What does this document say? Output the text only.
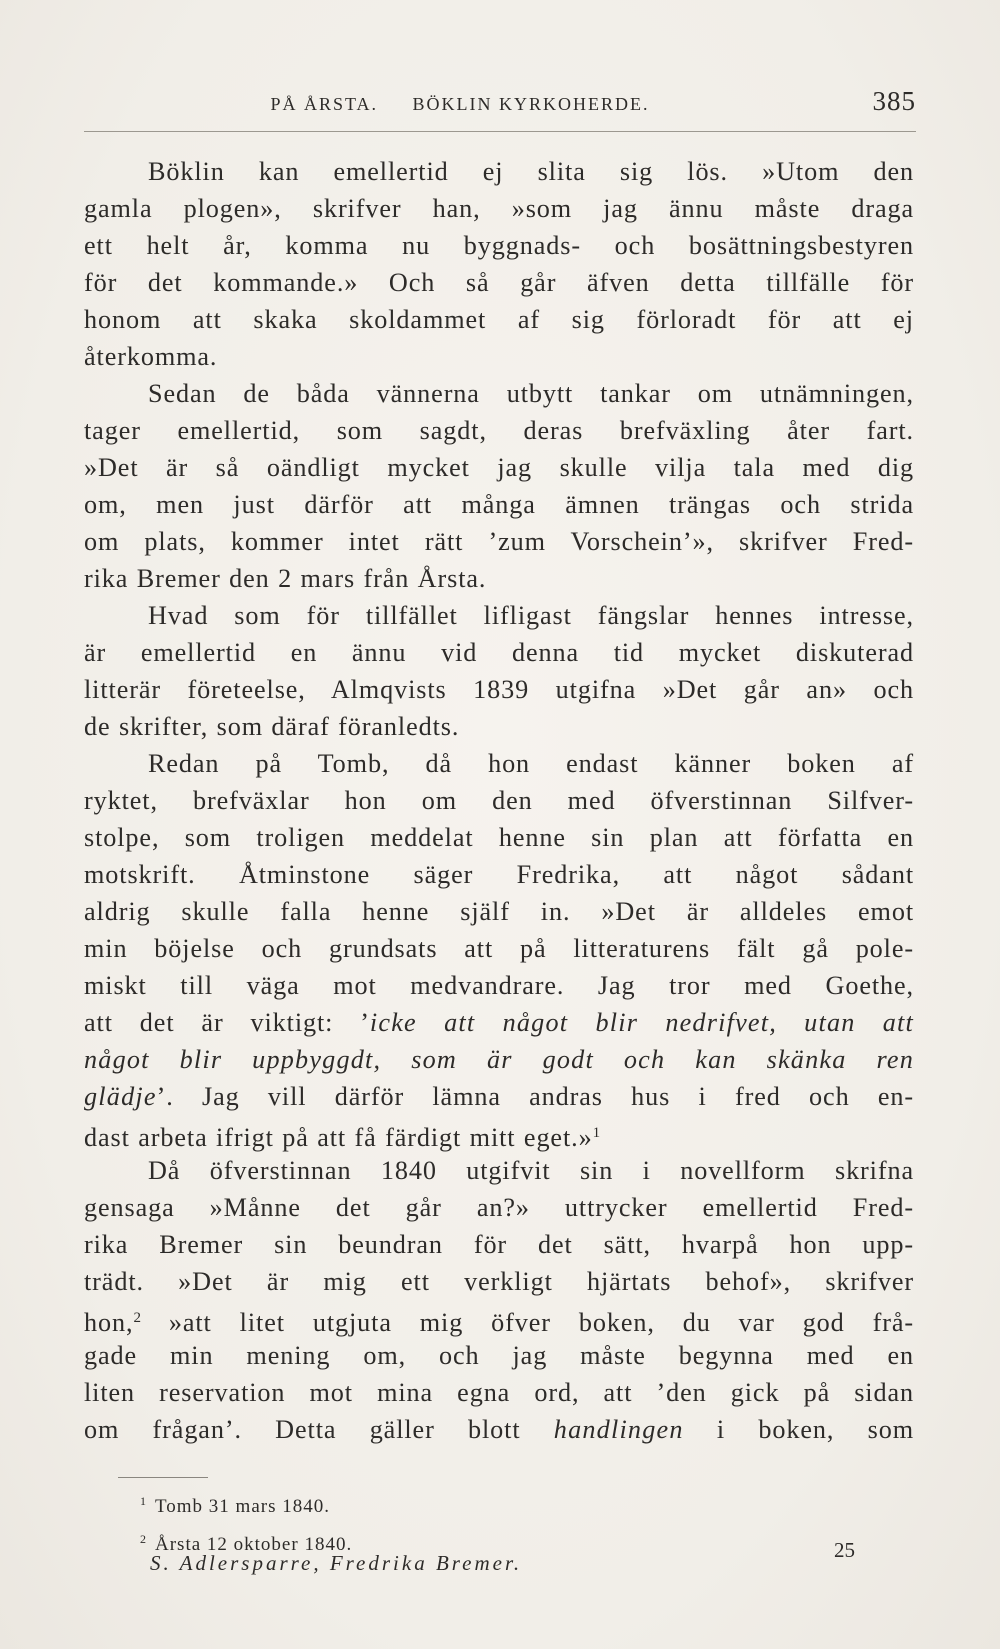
PÅ ÅRSTA. BÖKLIN KYRKOHERDE.	385
Böklin kan emellertid ej slita sig lös. »Utom den
gamla plogen», skrifver han, »som jag ännu måste draga
ett helt år, komma nu byggnads- och bosättningsbestyren
för det kommande.» Och så går äfven detta tillfälle för
honom att skaka skoldammet af sig förloradt för att ej
återkomma.
Sedan de båda vännerna utbytt tankar om utnämningen,
tager emellertid, som sagdt, deras brefväxling åter fart.
»Det är så oändligt mycket jag skulle vilja tala med dig
om, men just därför att många ämnen trängas och strida
om plats, kommer intet rätt ’zum Vorschein’», skrifver Fred-
rika Bremer den 2 mars från Årsta.
Hvad som för tillfället lifligast fängslar hennes intresse,
är emellertid en ännu vid denna tid mycket diskuterad
litterär företeelse, Almqvists 1839 utgifna »Det går an» och
de skrifter, som däraf föranledts.
Redan på Tomb, då hon endast känner boken af
ryktet, brefväxlar hon om den med öfverstinnan Silfver-
stolpe, som troligen meddelat henne sin plan att författa en
motskrift. Åtminstone säger Fredrika, att något sådant
aldrig skulle falla henne själf in. »Det är alldeles emot
min böjelse och grundsats att på litteraturens fält gå pole-
miskt till väga mot medvandrare. Jag tror med Goethe,
att det är viktigt: ’icke att något blir nedrifvet, utan att
något blir uppbyggdt, som är godt och kan skänka ren
glädje’. Jag vill därför lämna andras hus i fred och en-
dast arbeta ifrigt på att få färdigt mitt eget.»$^1$
Då öfverstinnan 1840 utgifvit sin i novellform skrifna
gensaga »Månne det går an?» uttrycker emellertid Fred-
rika Bremer sin beundran för det sätt, hvarpå hon upp-
trädt. »Det är mig ett verkligt hjärtats behof», skrifver
hon,$^2$ »att litet utgjuta mig öfver boken, du var god frå-
gade min mening om, och jag måste begynna med en
liten reservation mot mina egna ord, att ’den gick på sidan
om frågan’. Detta gäller blott handlingen i boken, som
$^1$ Tomb 31 mars 1840.
$^2$ Årsta 12 oktober 1840.
S. Adlersparre, Fredrika Bremer.
25
